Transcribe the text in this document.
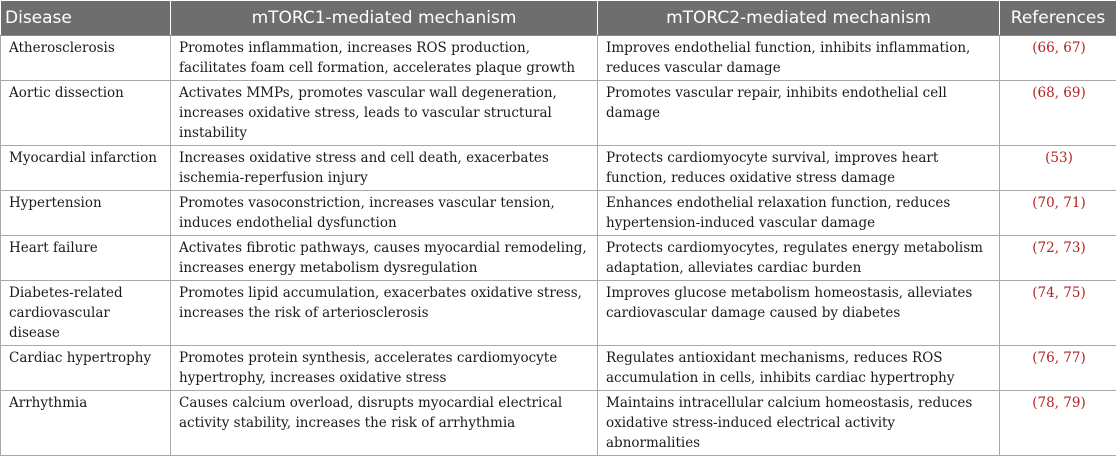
Disease	mTORC1-mediated mechanism	mTORC2-mediated mechanism	References
Atherosclerosis	Promotes inflammation, increases ROS production, facilitates foam cell formation, accelerates plaque growth	Improves endothelial function, inhibits inflammation, reduces vascular damage	(66, 67)
Aortic dissection	Activates MMPs, promotes vascular wall degeneration, increases oxidative stress, leads to vascular structural instability	Promotes vascular repair, inhibits endothelial cell damage	(68, 69)
Myocardial infarction	Increases oxidative stress and cell death, exacerbates ischemia-reperfusion injury	Protects cardiomyocyte survival, improves heart function, reduces oxidative stress damage	(53)
Hypertension	Promotes vasoconstriction, increases vascular tension, induces endothelial dysfunction	Enhances endothelial relaxation function, reduces hypertension-induced vascular damage	(70, 71)
Heart failure	Activates fibrotic pathways, causes myocardial remodeling, increases energy metabolism dysregulation	Protects cardiomyocytes, regulates energy metabolism adaptation, alleviates cardiac burden	(72, 73)
Diabetes-related cardiovascular disease	Promotes lipid accumulation, exacerbates oxidative stress, increases the risk of arteriosclerosis	Improves glucose metabolism homeostasis, alleviates cardiovascular damage caused by diabetes	(74, 75)
Cardiac hypertrophy	Promotes protein synthesis, accelerates cardiomyocyte hypertrophy, increases oxidative stress	Regulates antioxidant mechanisms, reduces ROS accumulation in cells, inhibits cardiac hypertrophy	(76, 77)
Arrhythmia	Causes calcium overload, disrupts myocardial electrical activity stability, increases the risk of arrhythmia	Maintains intracellular calcium homeostasis, reduces oxidative stress-induced electrical activity abnormalities	(78, 79)
